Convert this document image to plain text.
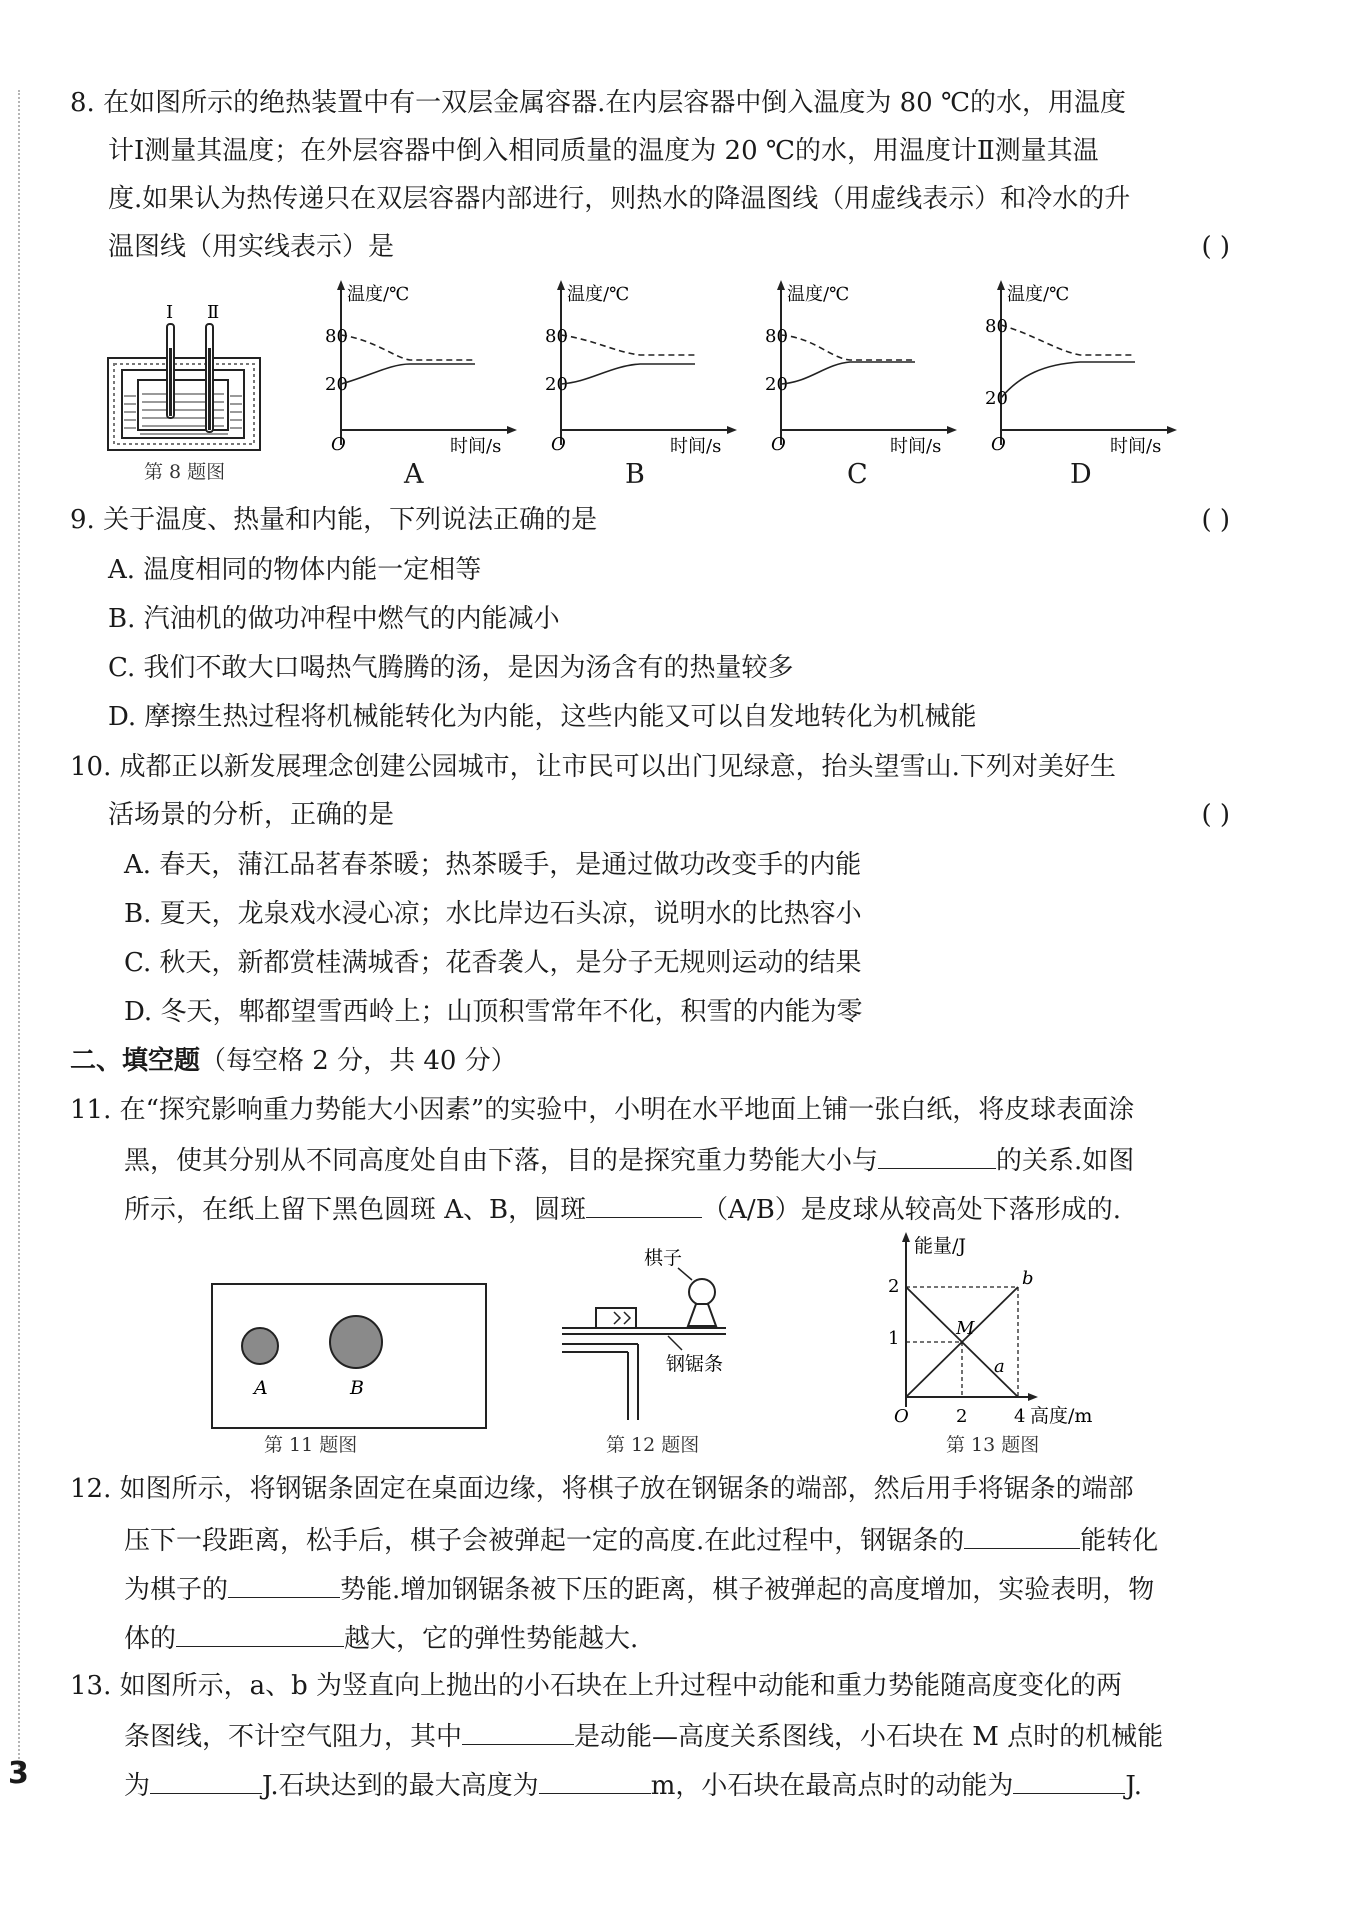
8. 在如图所示的绝热装置中有一双层金属容器.在内层容器中倒入温度为 80 ℃的水，用温度
计Ⅰ测量其温度；在外层容器中倒入相同质量的温度为 20 ℃的水，用温度计Ⅱ测量其温
度.如果认为热传递只在双层容器内部进行，则热水的降温图线（用虚线表示）和冷水的升
温图线（用实线表示）是	( )
Ⅰ Ⅱ
第 8 题图
温度/℃
80
20
O	时间/s
A
温度/℃
80
20
O	时间/s
B
温度/℃
80
20
O	时间/s
C
温度/℃
80
20
O	时间/s
D
9. 关于温度、热量和内能，下列说法正确的是	( )
A. 温度相同的物体内能一定相等
B. 汽油机的做功冲程中燃气的内能减小
C. 我们不敢大口喝热气腾腾的汤，是因为汤含有的热量较多
D. 摩擦生热过程将机械能转化为内能，这些内能又可以自发地转化为机械能
10. 成都正以新发展理念创建公园城市，让市民可以出门见绿意，抬头望雪山.下列对美好生
活场景的分析，正确的是	( )
A. 春天，蒲江品茗春茶暖；热茶暖手，是通过做功改变手的内能
B. 夏天，龙泉戏水浸心凉；水比岸边石头凉，说明水的比热容小
C. 秋天，新都赏桂满城香；花香袭人，是分子无规则运动的结果
D. 冬天，郫都望雪西岭上；山顶积雪常年不化，积雪的内能为零
二、填空题（每空格 2 分，共 40 分）
11. 在“探究影响重力势能大小因素”的实验中，小明在水平地面上铺一张白纸，将皮球表面涂
黑，使其分别从不同高度处自由下落，目的是探究重力势能大小与	的关系.如图
所示，在纸上留下黑色圆斑 A、B，圆斑	（A/B）是皮球从较高处下落形成的.
A	B
第 11 题图
棋子
钢锯条
第 12 题图
能量/J
2
1
O	2	4 高度/m
b
M
a
第 13 题图
12. 如图所示，将钢锯条固定在桌面边缘，将棋子放在钢锯条的端部，然后用手将锯条的端部
压下一段距离，松手后，棋子会被弹起一定的高度.在此过程中，钢锯条的	能转化
为棋子的	势能.增加钢锯条被下压的距离，棋子被弹起的高度增加，实验表明，物
体的	越大，它的弹性势能越大.
13. 如图所示，a、b 为竖直向上抛出的小石块在上升过程中动能和重力势能随高度变化的两
条图线，不计空气阻力，其中	是动能—高度关系图线，小石块在 M 点时的机械能
为	J.石块达到的最大高度为	m，小石块在最高点时的动能为	J.
3
